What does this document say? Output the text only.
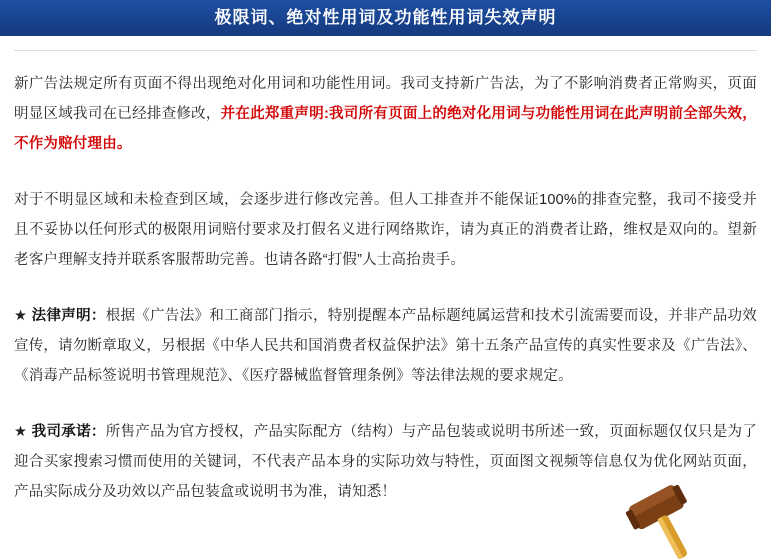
极限词、绝对性用词及功能性用词失效声明

新广告法规定所有页面不得出现绝对化用词和功能性用词。我司支持新广告法，为了不影响消费者正常购买，页面明显区域我司在已经排查修改，并在此郑重声明:我司所有页面上的绝对化用词与功能性用词在此声明前全部失效，不作为赔付理由。

对于不明显区域和未检查到区域，会逐步进行修改完善。但人工排查并不能保证100%的排查完整，我司不接受并且不妥协以任何形式的极限用词赔付要求及打假名义进行网络欺诈，请为真正的消费者让路，维权是双向的。望新老客户理解支持并联系客服帮助完善。也请各路“打假”人士高抬贵手。

★ 法律声明：根据《广告法》和工商部门指示，特别提醒本产品标题纯属运营和技术引流需要而设，并非产品功效宣传，请勿断章取义，另根据《中华人民共和国消费者权益保护法》第十五条产品宣传的真实性要求及《广告法》、《消毒产品标签说明书管理规范》、《医疗器械监督管理条例》等法律法规的要求规定。

★ 我司承诺：所售产品为官方授权，产品实际配方（结构）与产品包装或说明书所述一致，页面标题仅仅只是为了迎合买家搜索习惯而使用的关键词，不代表产品本身的实际功效与特性，页面图文视频等信息仅为优化网站页面，产品实际成分及功效以产品包装盒或说明书为准，请知悉！
